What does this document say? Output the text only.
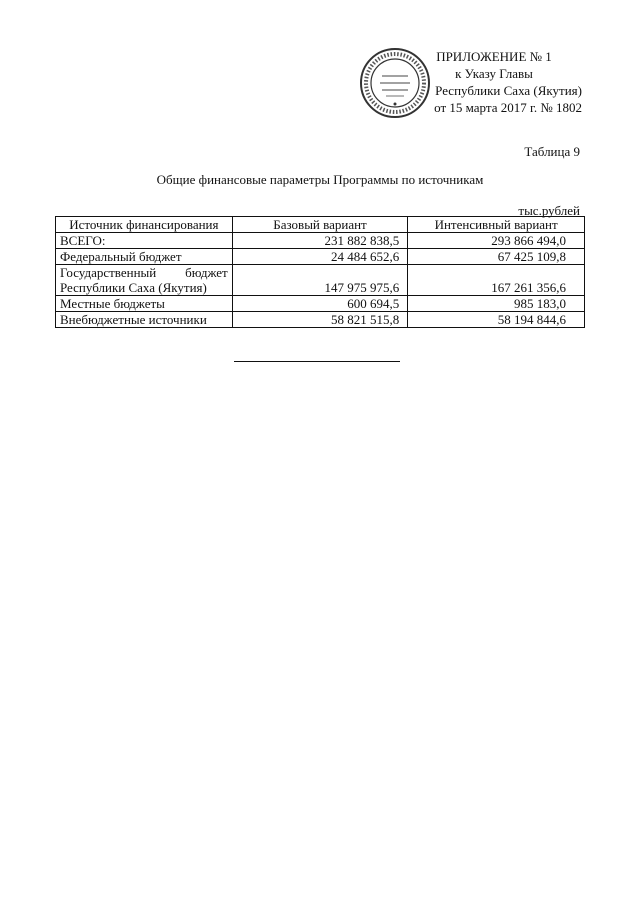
ПРИЛОЖЕНИЕ № 1
к Указу Главы
Республики Саха (Якутия)
от 15 марта 2017 г. № 1802
Таблица 9
Общие финансовые параметры Программы по источникам
тыс.рублей
Источник финансирования	Базовый вариант	Интенсивный вариант
ВСЕГО:	231 882 838,5	293 866 494,0
Федеральный бюджет	24 484 652,6	67 425 109,8

Государственный бюджет
Республики Саха (Якутия)	147 975 975,6	167 261 356,6
Местные бюджеты	600 694,5	985 183,0
Внебюджетные источники	58 821 515,8	58 194 844,6
